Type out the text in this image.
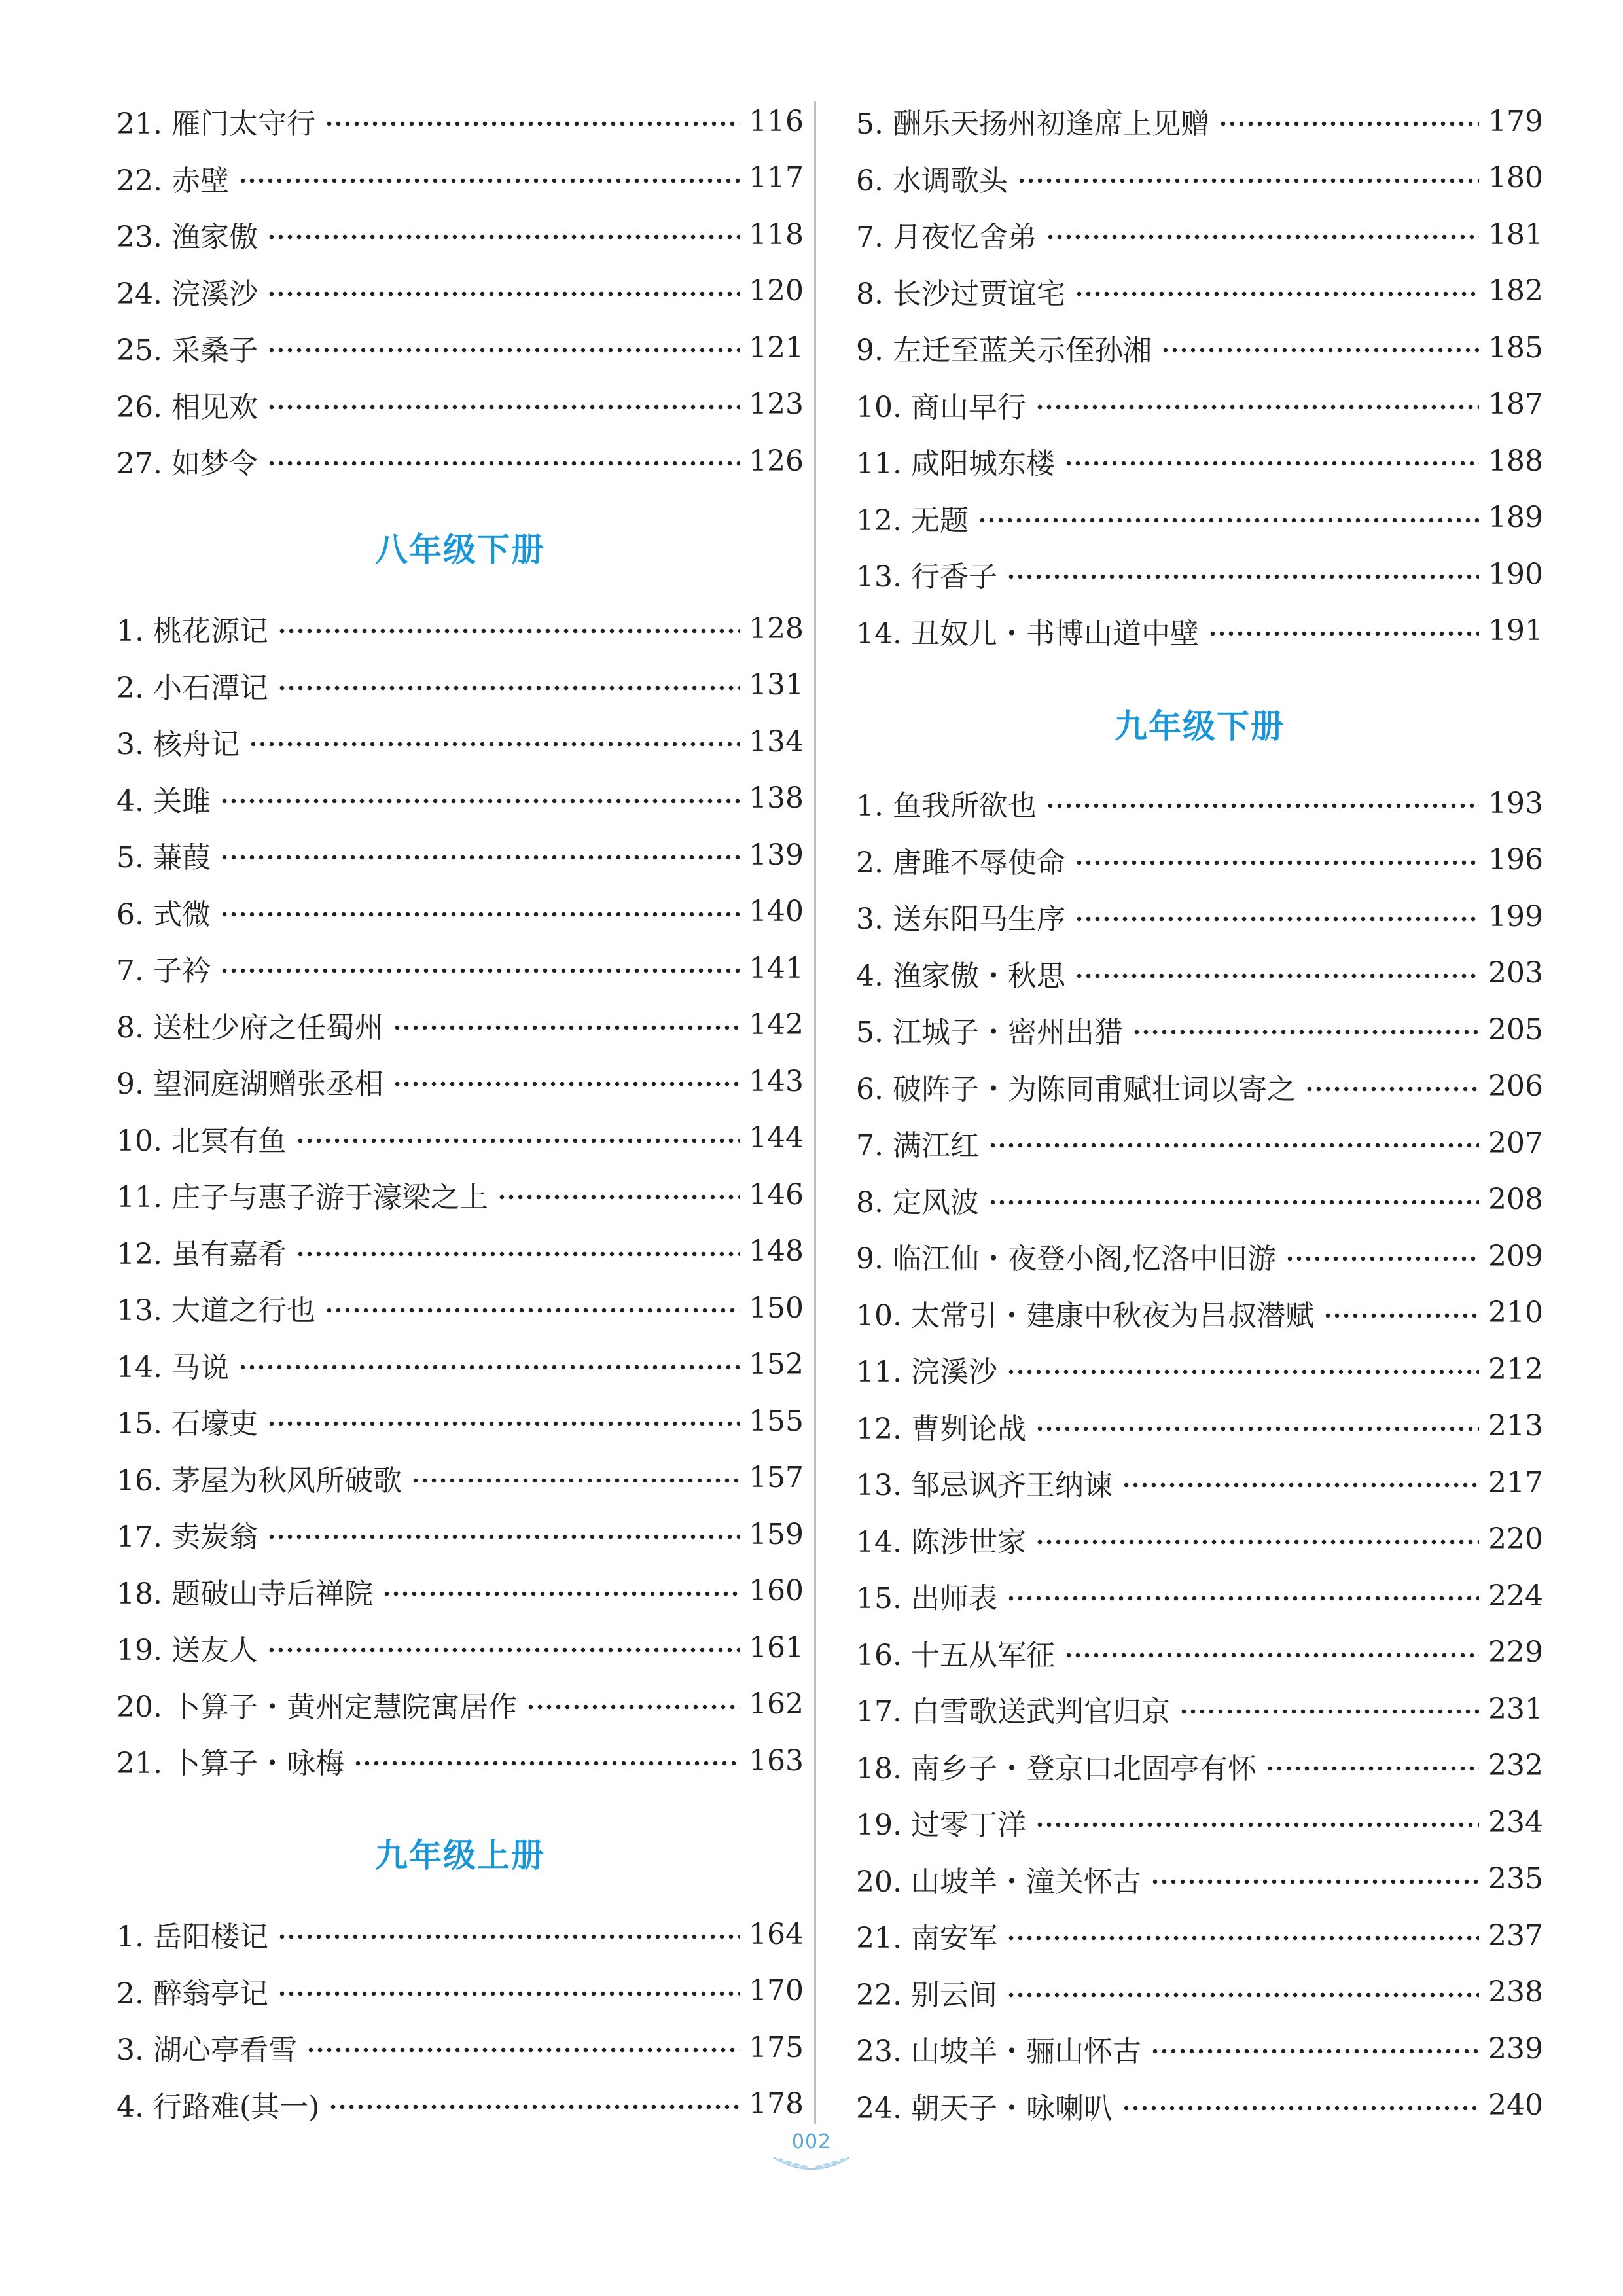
21. 雁门太守行	116
22. 赤壁	117
23. 渔家傲	118
24. 浣溪沙	120
25. 采桑子	121
26. 相见欢	123
27. 如梦令	126
八年级下册
1. 桃花源记	128
2. 小石潭记	131
3. 核舟记	134
4. 关雎	138
5. 蒹葭	139
6. 式微	140
7. 子衿	141
8. 送杜少府之任蜀州	142
9. 望洞庭湖赠张丞相	143
10. 北冥有鱼	144
11. 庄子与惠子游于濠梁之上	146
12. 虽有嘉肴	148
13. 大道之行也	150
14. 马说	152
15. 石壕吏	155
16. 茅屋为秋风所破歌	157
17. 卖炭翁	159
18. 题破山寺后禅院	160
19. 送友人	161
20. 卜算子・黄州定慧院寓居作	162
21. 卜算子・咏梅	163
九年级上册
1. 岳阳楼记	164
2. 醉翁亭记	170
3. 湖心亭看雪	175
4. 行路难(其一)	178
5. 酬乐天扬州初逢席上见赠	179
6. 水调歌头	180
7. 月夜忆舍弟	181
8. 长沙过贾谊宅	182
9. 左迁至蓝关示侄孙湘	185
10. 商山早行	187
11. 咸阳城东楼	188
12. 无题	189
13. 行香子	190
14. 丑奴儿・书博山道中壁	191
九年级下册
1. 鱼我所欲也	193
2. 唐雎不辱使命	196
3. 送东阳马生序	199
4. 渔家傲・秋思	203
5. 江城子・密州出猎	205
6. 破阵子・为陈同甫赋壮词以寄之	206
7. 满江红	207
8. 定风波	208
9. 临江仙・夜登小阁,忆洛中旧游	209
10. 太常引・建康中秋夜为吕叔潜赋	210
11. 浣溪沙	212
12. 曹刿论战	213
13. 邹忌讽齐王纳谏	217
14. 陈涉世家	220
15. 出师表	224
16. 十五从军征	229
17. 白雪歌送武判官归京	231
18. 南乡子・登京口北固亭有怀	232
19. 过零丁洋	234
20. 山坡羊・潼关怀古	235
21. 南安军	237
22. 别云间	238
23. 山坡羊・骊山怀古	239
24. 朝天子・咏喇叭	240
002
